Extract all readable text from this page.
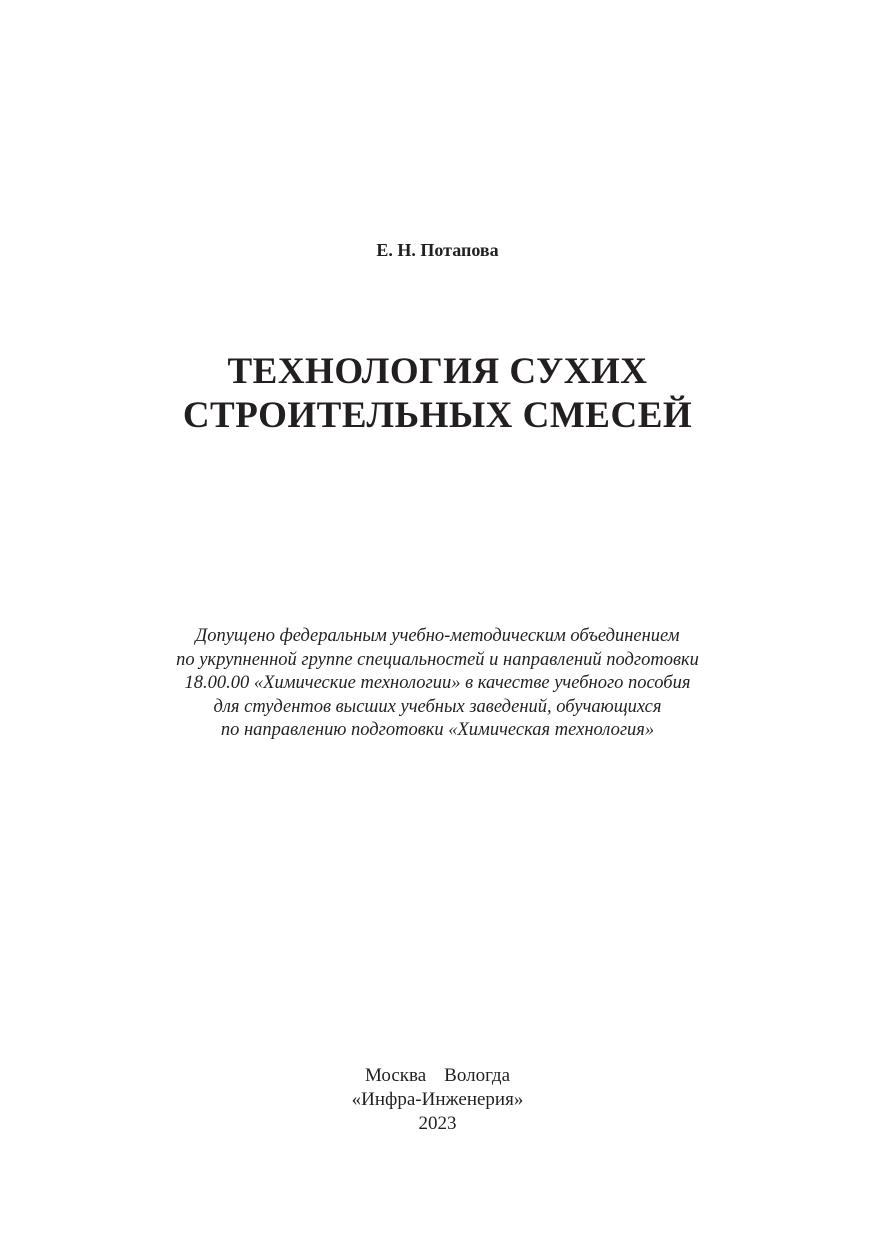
Е. Н. Потапова
ТЕХНОЛОГИЯ СУХИХ
СТРОИТЕЛЬНЫХ СМЕСЕЙ
Допущено федеральным учебно-методическим объединением
по укрупненной группе специальностей и направлений подготовки
18.00.00 «Химические технологии» в качестве учебного пособия
для студентов высших учебных заведений, обучающихся
по направлению подготовки «Химическая технология»
Москва Вологда
«Инфра-Инженерия»
2023
